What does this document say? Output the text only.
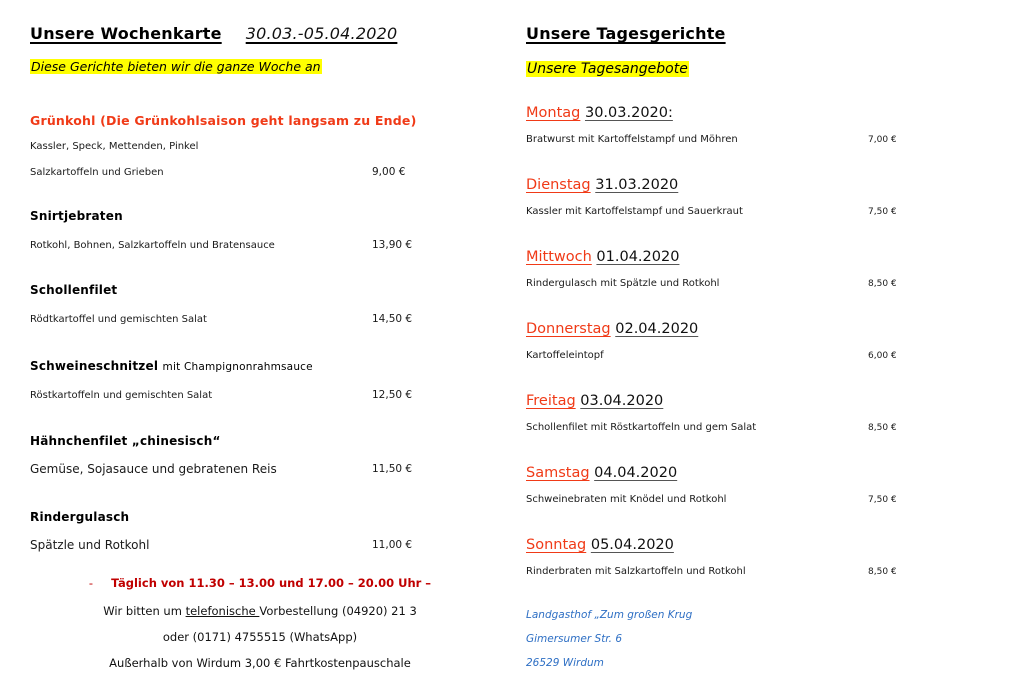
Unsere Wochenkarte 30.03.-05.04.2020
Diese Gerichte bieten wir die ganze Woche an
Grünkohl (Die Grünkohlsaison geht langsam zu Ende)
Kassler, Speck, Mettenden, Pinkel
Salzkartoffeln und Grieben	9,00 €
Snirtjebraten
Rotkohl, Bohnen, Salzkartoffeln und Bratensauce	13,90 €
Schollenfilet
Rödtkartoffel und gemischten Salat	14,50 €
Schweineschnitzel mit Champignonrahmsauce
Röstkartoffeln und gemischten Salat	12,50 €
Hähnchenfilet „chinesisch“
Gemüse, Sojasauce und gebratenen Reis	11,50 €
Rindergulasch
Spätzle und Rotkohl	11,00 €
- Täglich von 11.30 – 13.00 und 17.00 – 20.00 Uhr –
Wir bitten um telefonische Vorbestellung (04920) 21 3
oder (0171) 4755515 (WhatsApp)
Außerhalb von Wirdum 3,00 € Fahrtkostenpauschale
Unsere Tagesgerichte
Unsere Tagesangebote
Montag 30.03.2020:
Bratwurst mit Kartoffelstampf und Möhren	7,00 €
Dienstag 31.03.2020
Kassler mit Kartoffelstampf und Sauerkraut	7,50 €
Mittwoch 01.04.2020
Rindergulasch mit Spätzle und Rotkohl	8,50 €
Donnerstag 02.04.2020
Kartoffeleintopf	6,00 €
Freitag 03.04.2020
Schollenfilet mit Röstkartoffeln und gem Salat	8,50 €
Samstag 04.04.2020
Schweinebraten mit Knödel und Rotkohl	7,50 €
Sonntag 05.04.2020
Rinderbraten mit Salzkartoffeln und Rotkohl	8,50 €
Landgasthof „Zum großen Krug
Gimersumer Str. 6
26529 Wirdum
